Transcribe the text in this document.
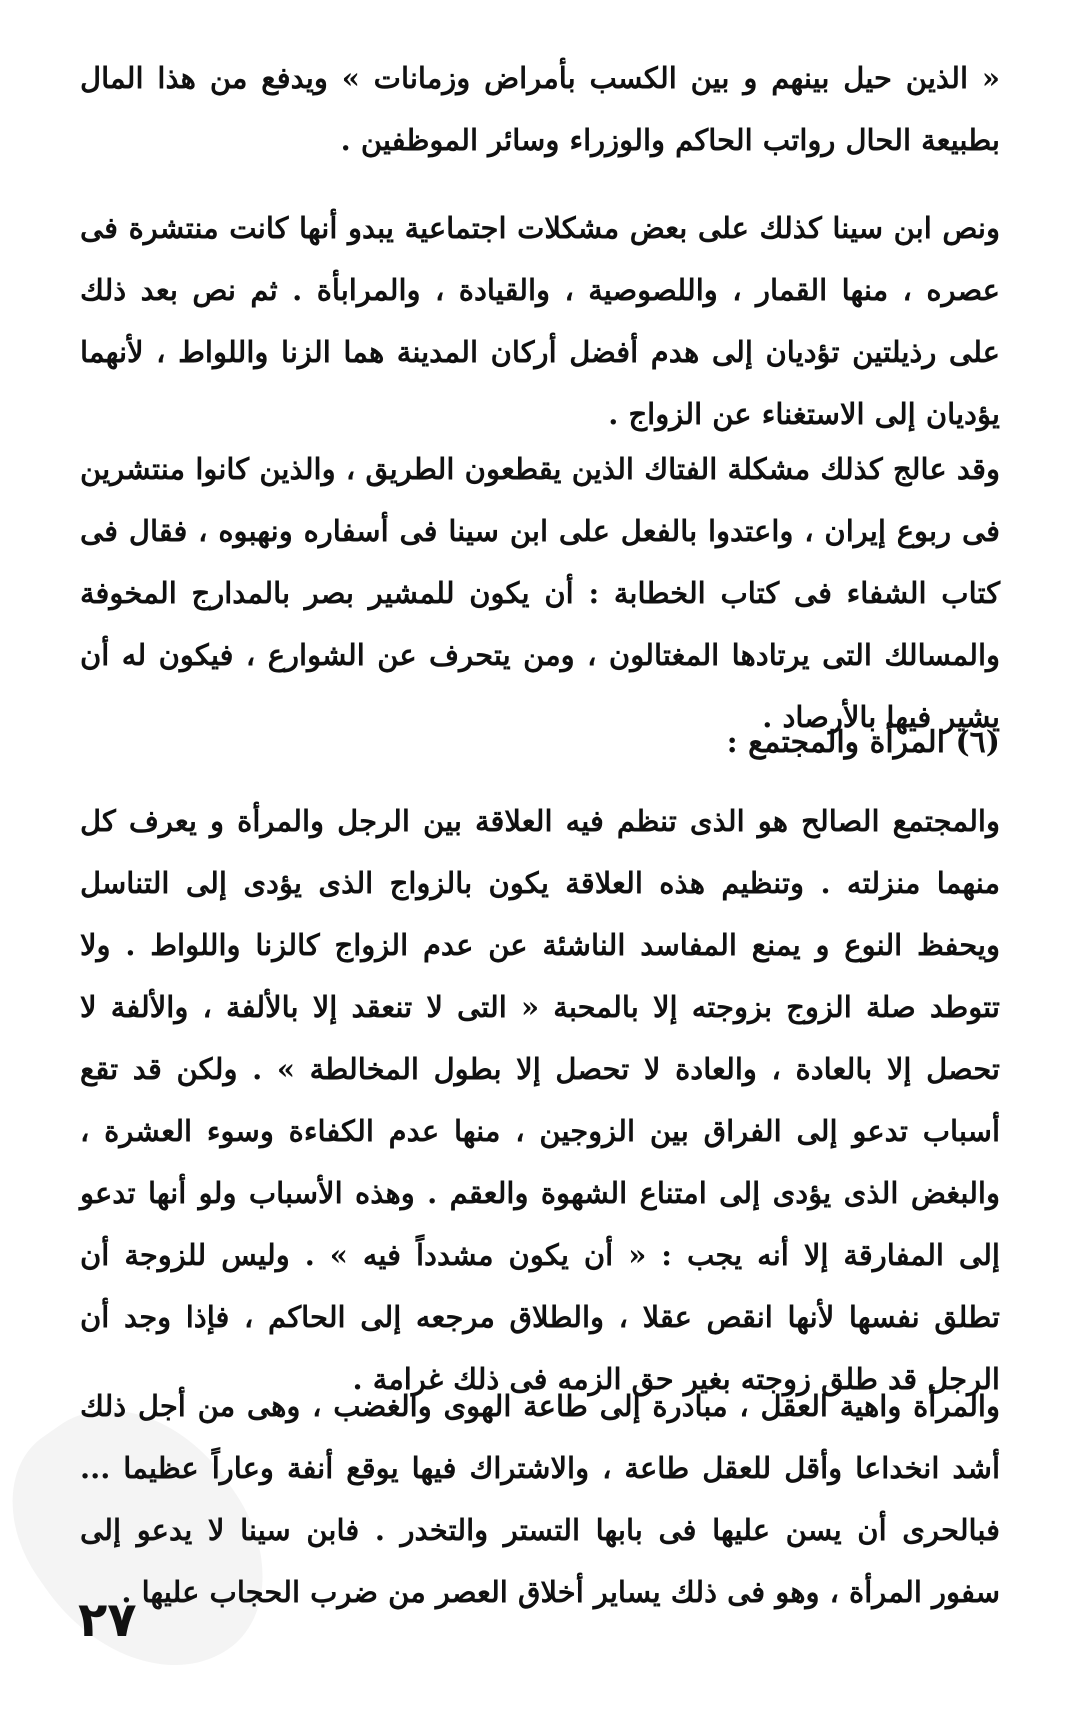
« الذين حيل بينهم و بين الكسب بأمراض وزمانات » ويدفع من هذا المال بطبيعة الحال رواتب الحاكم والوزراء وسائر الموظفين .
ونص ابن سينا كذلك على بعض مشكلات اجتماعية يبدو أنها كانت منتشرة فى عصره ، منها القمار ، واللصوصية ، والقيادة ، والمرابأة . ثم نص بعد ذلك على رذيلتين تؤديان إلى هدم أفضل أركان المدينة هما الزنا واللواط ، لأنهما يؤديان إلى الاستغناء عن الزواج .
وقد عالج كذلك مشكلة الفتاك الذين يقطعون الطريق ، والذين كانوا منتشرين فى ربوع إيران ، واعتدوا بالفعل على ابن سينا فى أسفاره ونهبوه ، فقال فى كتاب الشفاء فى كتاب الخطابة : أن يكون للمشير بصر بالمدارج المخوفة والمسالك التى يرتادها المغتالون ، ومن يتحرف عن الشوارع ، فيكون له أن يشير فيها بالأرصاد .
(٦) المرأة والمجتمع :
والمجتمع الصالح هو الذى تنظم فيه العلاقة بين الرجل والمرأة و يعرف كل منهما منزلته . وتنظيم هذه العلاقة يكون بالزواج الذى يؤدى إلى التناسل ويحفظ النوع و يمنع المفاسد الناشئة عن عدم الزواج كالزنا واللواط . ولا تتوطد صلة الزوج بزوجته إلا بالمحبة « التى لا تنعقد إلا بالألفة ، والألفة لا تحصل إلا بالعادة ، والعادة لا تحصل إلا بطول المخالطة » . ولكن قد تقع أسباب تدعو إلى الفراق بين الزوجين ، منها عدم الكفاءة وسوء العشرة ، والبغض الذى يؤدى إلى امتناع الشهوة والعقم . وهذه الأسباب ولو أنها تدعو إلى المفارقة إلا أنه يجب : « أن يكون مشدداً فيه » . وليس للزوجة أن تطلق نفسها لأنها انقص عقلا ، والطلاق مرجعه إلى الحاكم ، فإذا وجد أن الرجل قد طلق زوجته بغير حق الزمه فى ذلك غرامة .
والمرأة واهية العقل ، مبادرة إلى طاعة الهوى والغضب ، وهى من أجل ذلك أشد انخداعا وأقل للعقل طاعة ، والاشتراك فيها يوقع أنفة وعاراً عظيما ... فبالحرى أن يسن عليها فى بابها التستر والتخدر . فابن سينا لا يدعو إلى سفور المرأة ، وهو فى ذلك يساير أخلاق العصر من ضرب الحجاب عليها .
٢٧
